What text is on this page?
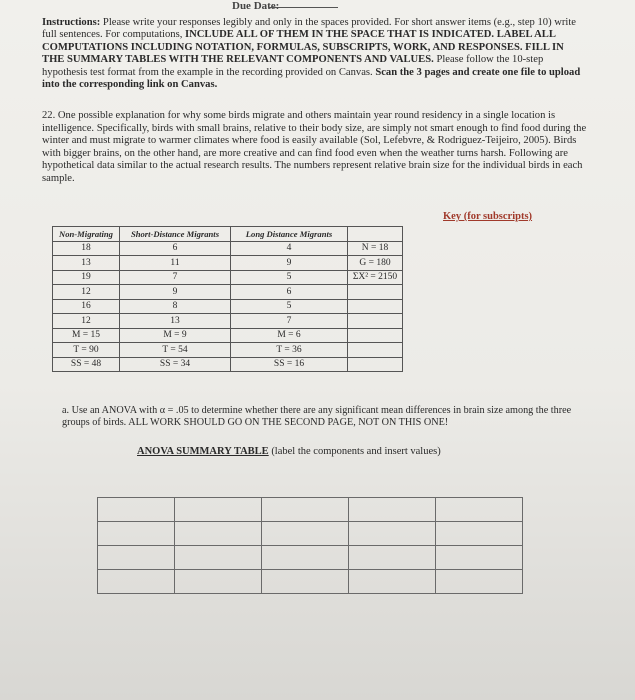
Due Date:
Instructions: Please write your responses legibly and only in the spaces provided. For short answer items (e.g., step 10) write full sentences. For computations, INCLUDE ALL OF THEM IN THE SPACE THAT IS INDICATED. LABEL ALL COMPUTATIONS INCLUDING NOTATION, FORMULAS, SUBSCRIPTS, WORK, AND RESPONSES. FILL IN THE SUMMARY TABLES WITH THE RELEVANT COMPONENTS AND VALUES. Please follow the 10-step hypothesis test format from the example in the recording provided on Canvas. Scan the 3 pages and create one file to upload into the corresponding link on Canvas.
22. One possible explanation for why some birds migrate and others maintain year round residency in a single location is intelligence. Specifically, birds with small brains, relative to their body size, are simply not smart enough to find food during the winter and must migrate to warmer climates where food is easily available (Sol, Lefebvre, & Rodriguez-Teijeiro, 2005). Birds with bigger brains, on the other hand, are more creative and can find food even when the weather turns harsh. Following are hypothetical data similar to the actual research results. The numbers represent relative brain size for the individual birds in each sample.
Key (for subscripts)
Non-Migrating	Short-Distance Migrants	Long Distance Migrants	
18	6	4	N = 18
13	11	9	G = 180
19	7	5	ΣX² = 2150
12	9	6	
16	8	5	
12	13	7	
M = 15	M = 9	M = 6	
T = 90	T = 54	T = 36	
SS = 48	SS = 34	SS = 16	
a. Use an ANOVA with α = .05 to determine whether there are any significant mean differences in brain size among the three groups of birds. ALL WORK SHOULD GO ON THE SECOND PAGE, NOT ON THIS ONE!
ANOVA SUMMARY TABLE (label the components and insert values)
